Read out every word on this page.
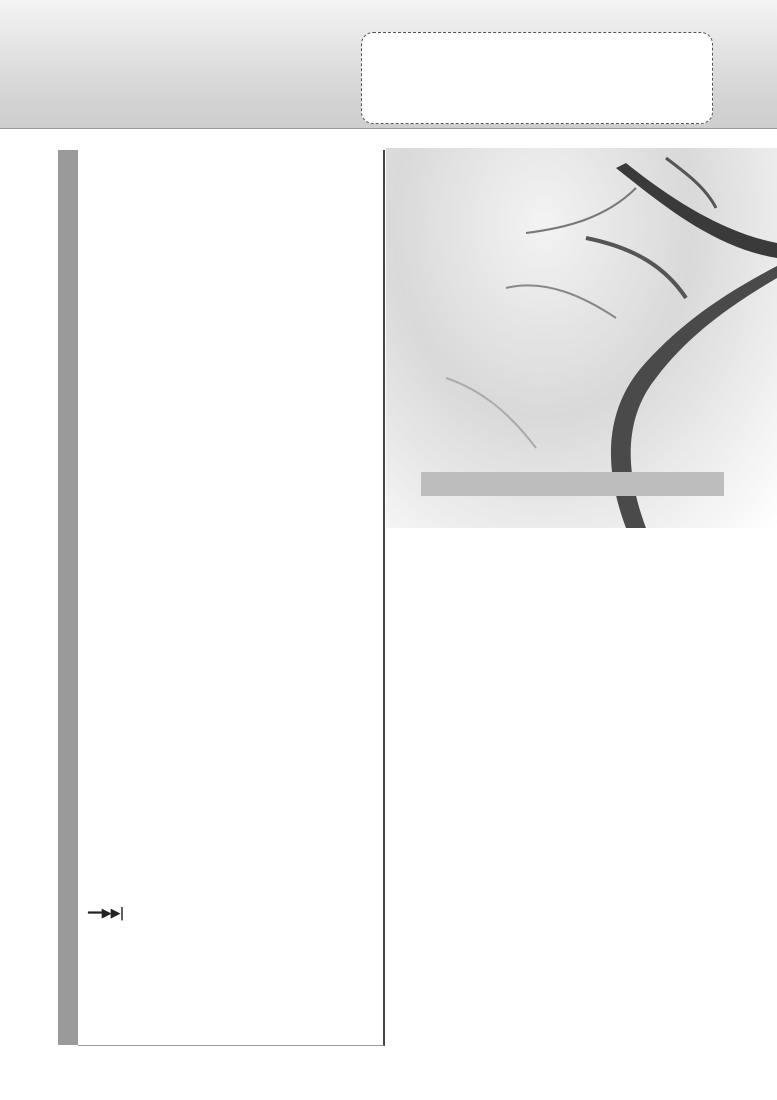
━━▶▶|
